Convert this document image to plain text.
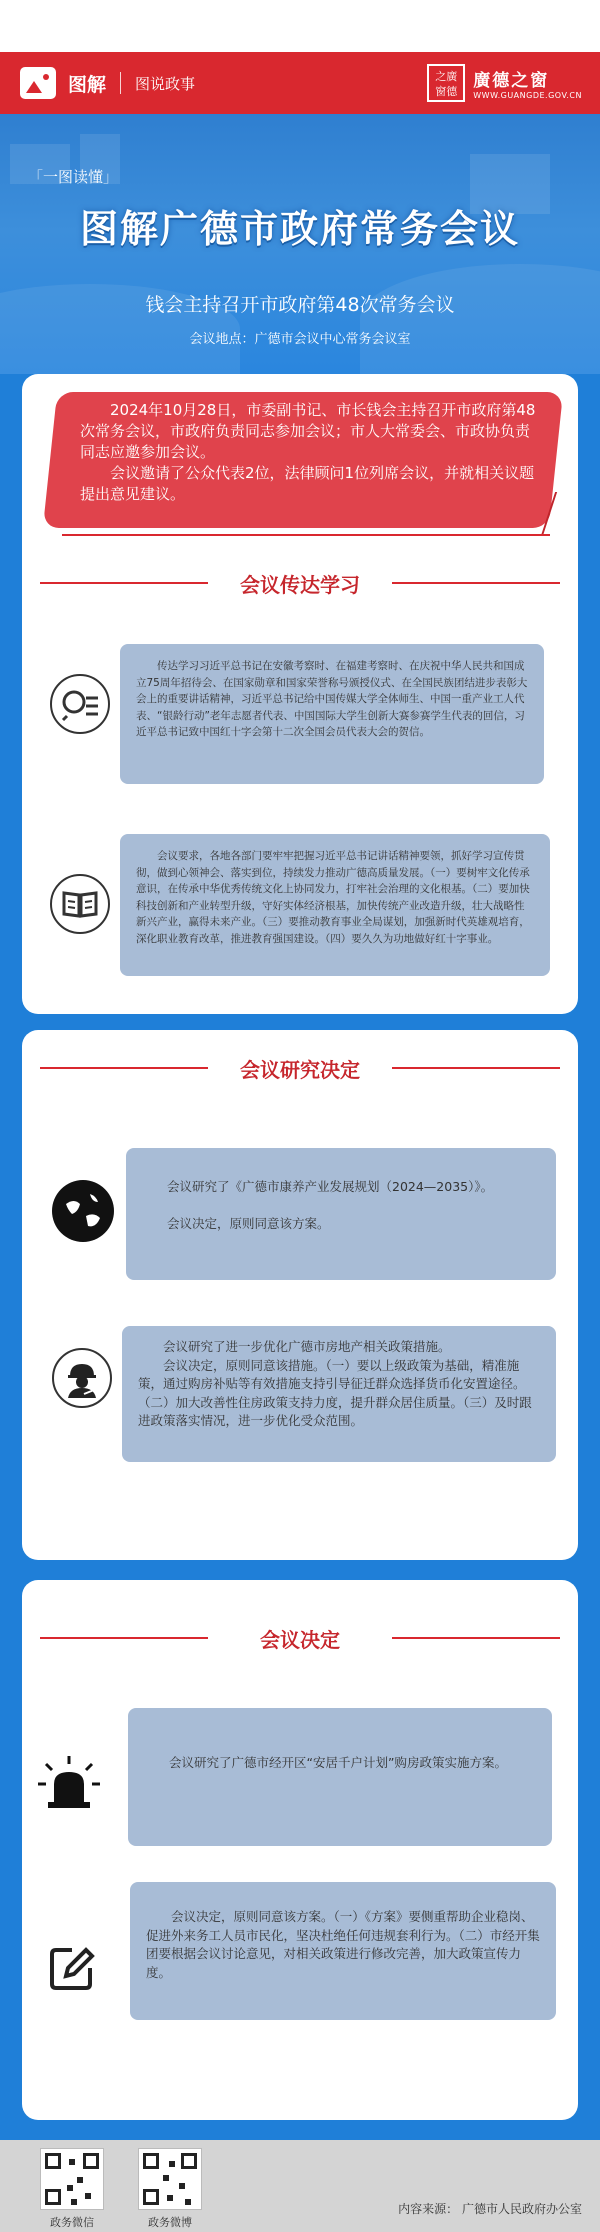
图解 图说政事	之廣
窗德
廣德之窗
WWW.GUANGDE.GOV.CN
「一图读懂」
图解广德市政府常务会议
钱会主持召开市政府第48次常务会议
会议地点：广德市会议中心常务会议室

2024年10月28日，市委副书记、市长钱会主持召开市政府第48次常务会议，市政府负责同志参加会议；市人大常委会、市政协负责同志应邀参加会议。

会议邀请了公众代表2位，法律顾问1位列席会议，并就相关议题提出意见建议。

会议传达学习

传达学习习近平总书记在安徽考察时、在福建考察时、在庆祝中华人民共和国成立75周年招待会、在国家勋章和国家荣誉称号颁授仪式、在全国民族团结进步表彰大会上的重要讲话精神，习近平总书记给中国传媒大学全体师生、中国一重产业工人代表、“银龄行动”老年志愿者代表、中国国际大学生创新大赛参赛学生代表的回信，习近平总书记致中国红十字会第十二次全国会员代表大会的贺信。

会议要求，各地各部门要牢牢把握习近平总书记讲话精神要领，抓好学习宣传贯彻，做到心领神会、落实到位，持续发力推动广德高质量发展。（一）要树牢文化传承意识，在传承中华优秀传统文化上协同发力，打牢社会治理的文化根基。（二）要加快科技创新和产业转型升级，守好实体经济根基，加快传统产业改造升级，壮大战略性新兴产业，赢得未来产业。（三）要推动教育事业全局谋划，加强新时代英雄观培育，深化职业教育改革，推进教育强国建设。（四）要久久为功地做好红十字事业。

会议研究决定

会议研究了《广德市康养产业发展规划（2024—2035）》。

会议决定，原则同意该方案。

会议研究了进一步优化广德市房地产相关政策措施。

会议决定，原则同意该措施。（一）要以上级政策为基础，精准施策，通过购房补贴等有效措施支持引导征迁群众选择货币化安置途径。（二）加大改善性住房政策支持力度，提升群众居住质量。（三）及时跟进政策落实情况，进一步优化受众范围。

会议决定

会议研究了广德市经开区“安居千户计划”购房政策实施方案。

会议决定，原则同意该方案。（一）《方案》要侧重帮助企业稳岗、促进外来务工人员市民化，坚决杜绝任何违规套利行为。（二）市经开集团要根据会议讨论意见，对相关政策进行修改完善，加大政策宣传力度。

政务微信	政务微博
内容来源： 广德市人民政府办公室
